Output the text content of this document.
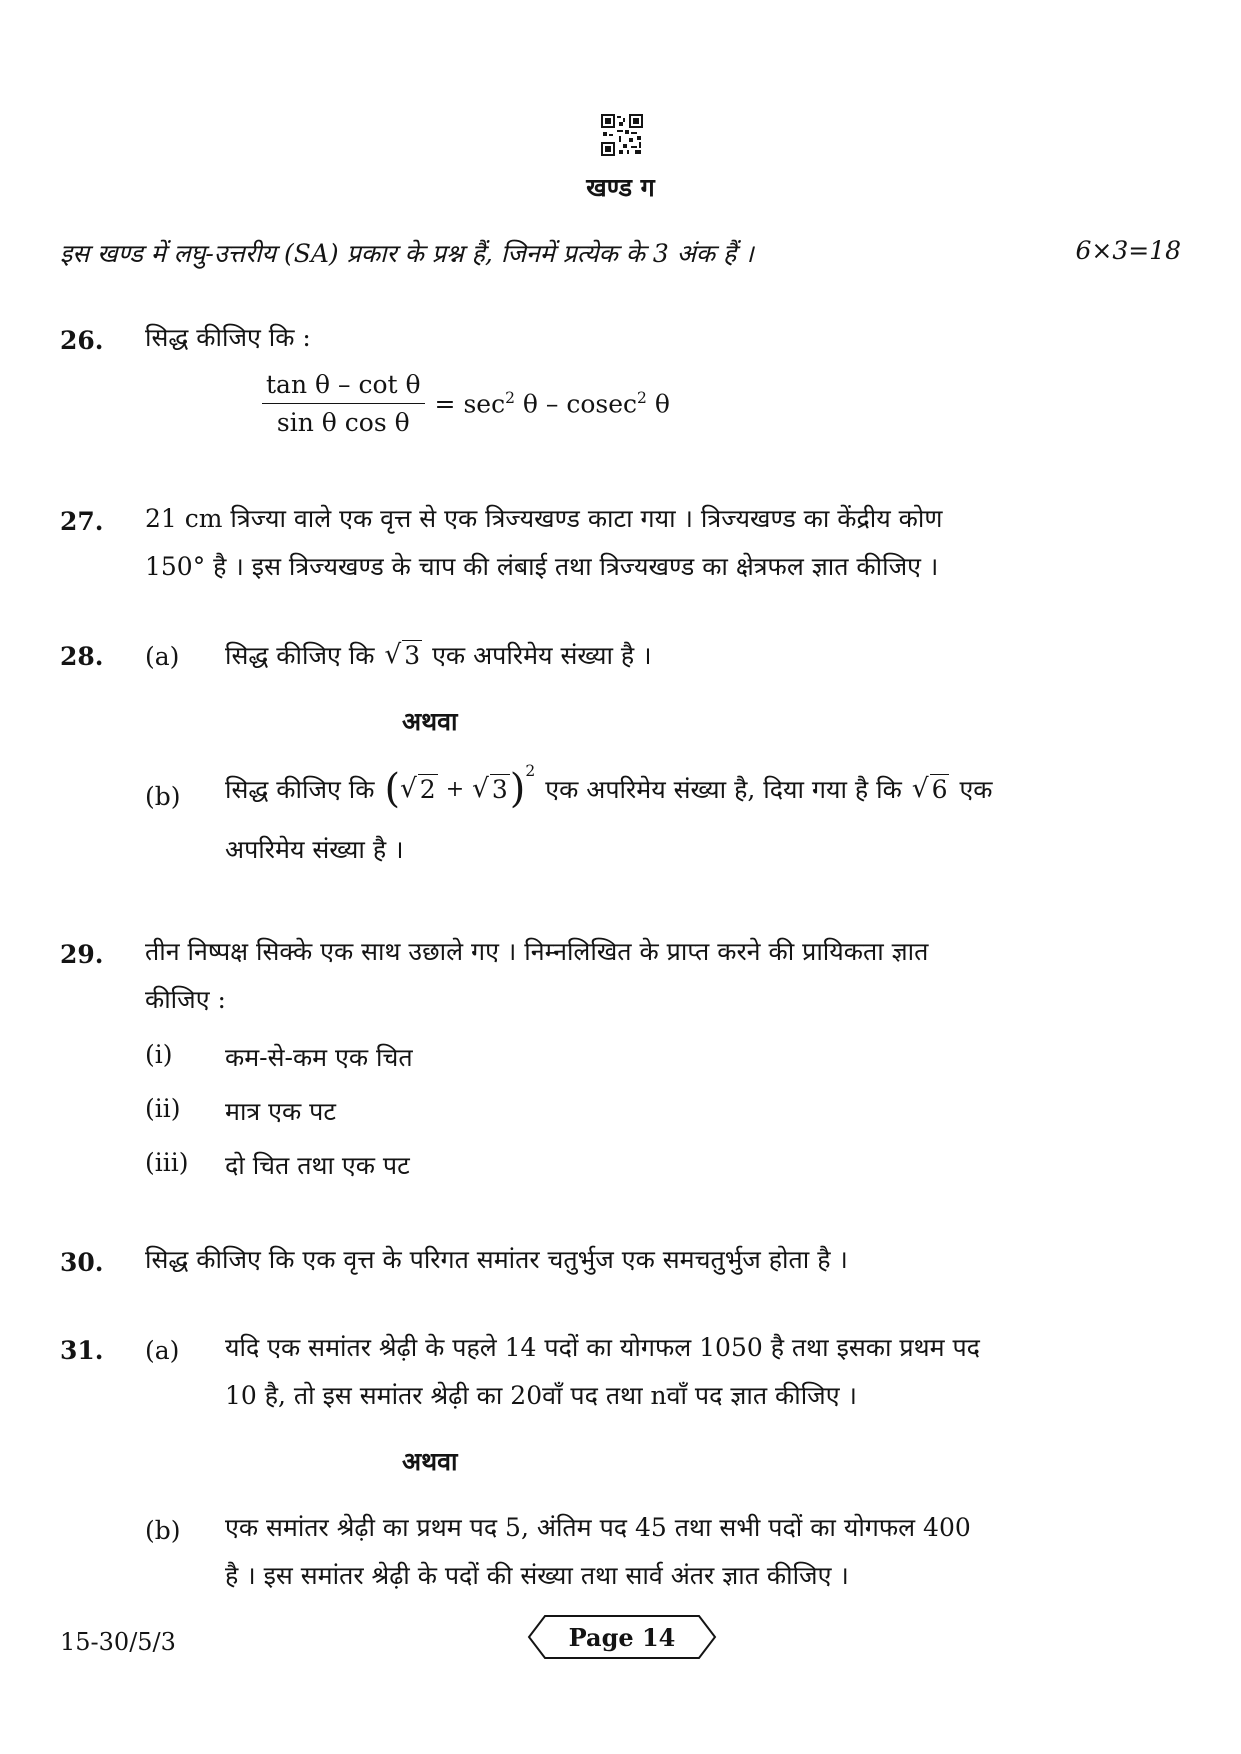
खण्ड ग
इस खण्ड में लघु-उत्तरीय (SA) प्रकार के प्रश्न हैं, जिनमें प्रत्येक के 3 अंक हैं ।	6×3=18
26. सिद्ध कीजिए कि :
$\frac{\text{tan θ – cot θ}}{\text{sin θ cos θ}} = \sec^2 \theta - cosec^2$ θ
27. 21 cm त्रिज्या वाले एक वृत्त से एक त्रिज्यखण्ड काटा गया । त्रिज्यखण्ड का केंद्रीय कोण
150° है । इस त्रिज्यखण्ड के चाप की लंबाई तथा त्रिज्यखण्ड का क्षेत्रफल ज्ञात कीजिए ।
28. (a) सिद्ध कीजिए कि √ 3 एक अपरिमेय संख्या है ।
अथवा
(b) सिद्ध कीजिए कि ( √ 2 + √ 3 )$^2$
एक अपरिमेय संख्या है, दिया गया है कि √ 6 एक
अपरिमेय संख्या है ।
29. तीन निष्पक्ष सिक्के एक साथ उछाले गए । निम्नलिखित के प्राप्त करने की प्रायिकता ज्ञात
कीजिए :
(i) कम-से-कम एक चित
(ii) मात्र एक पट
(iii) दो चित तथा एक पट
30. सिद्ध कीजिए कि एक वृत्त के परिगत समांतर चतुर्भुज एक समचतुर्भुज होता है ।
31. (a) यदि एक समांतर श्रेढ़ी के पहले 14 पदों का योगफल 1050 है तथा इसका प्रथम पद
10 है, तो इस समांतर श्रेढ़ी का 20वाँ पद तथा nवाँ पद ज्ञात कीजिए ।
अथवा
(b) एक समांतर श्रेढ़ी का प्रथम पद 5, अंतिम पद 45 तथा सभी पदों का योगफल 400
है । इस समांतर श्रेढ़ी के पदों की संख्या तथा सार्व अंतर ज्ञात कीजिए ।
15-30/5/3	Page 14
